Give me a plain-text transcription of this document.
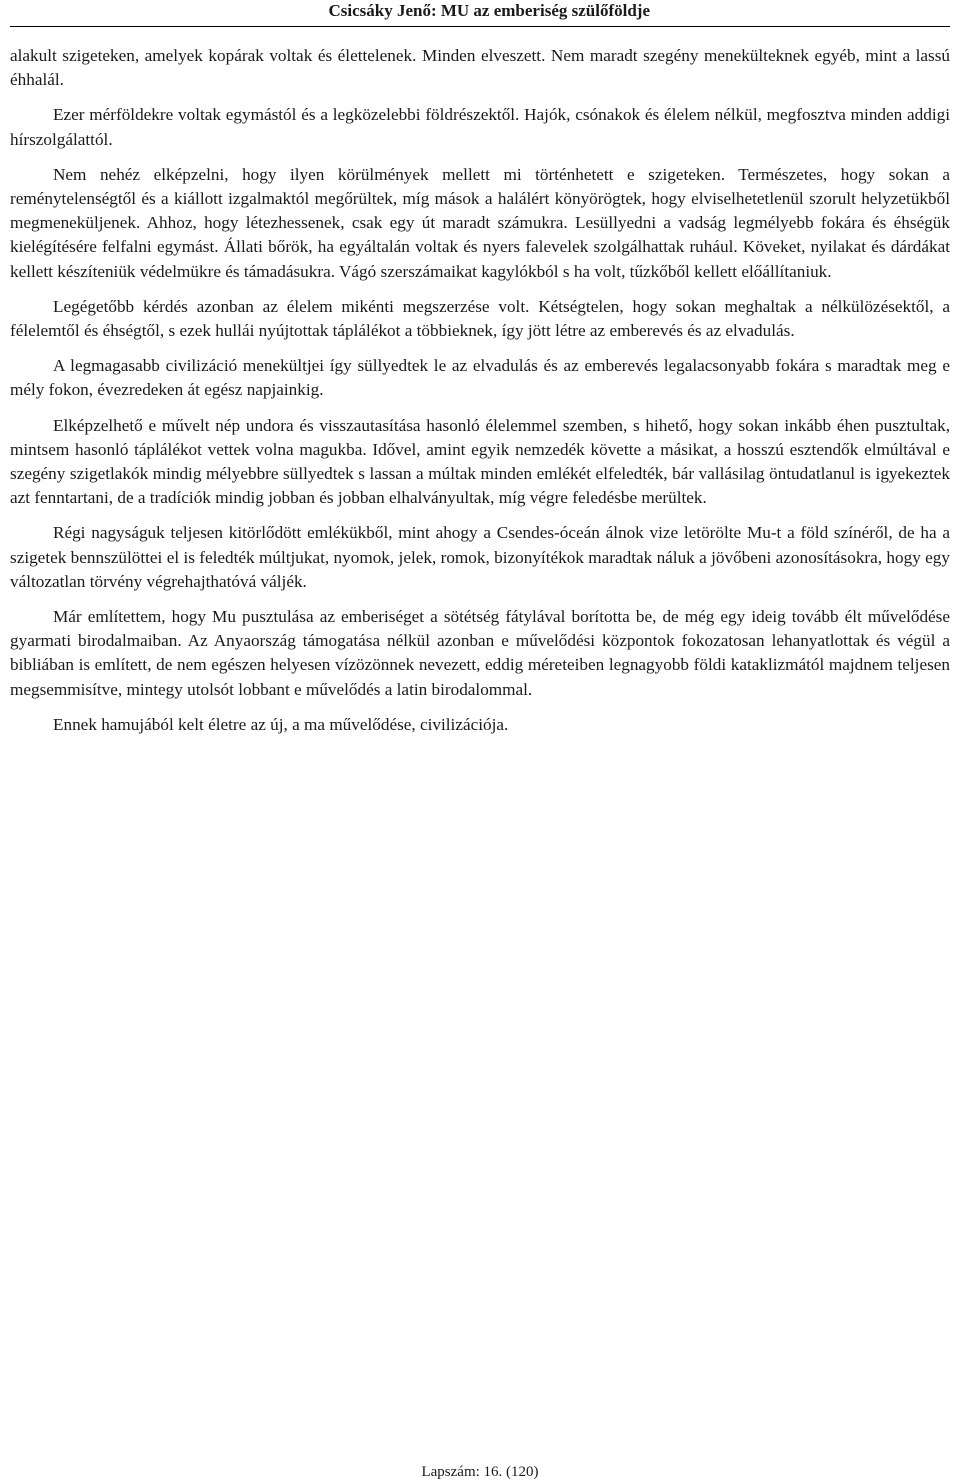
Csicsáky Jenő: MU az emberiség szülőföldje

alakult szigeteken, amelyek kopárak voltak és élettelenek. Minden elveszett. Nem maradt szegény menekülteknek egyéb, mint a lassú éhhalál.

Ezer mérföldekre voltak egymástól és a legközelebbi földrészektől. Hajók, csónakok és élelem nélkül, megfosztva minden addigi hírszolgálattól.

Nem nehéz elképzelni, hogy ilyen körülmények mellett mi történhetett e szigeteken. Természetes, hogy sokan a reménytelenségtől és a kiállott izgalmaktól megőrültek, míg mások a halálért könyörögtek, hogy elviselhetetlenül szorult helyzetükből megmeneküljenek. Ahhoz, hogy létezhessenek, csak egy út maradt számukra. Lesüllyedni a vadság legmélyebb fokára és éhségük kielégítésére felfalni egymást. Állati bőrök, ha egyáltalán voltak és nyers falevelek szolgálhattak ruhául. Köveket, nyilakat és dárdákat kellett készíteniük védelmükre és támadásukra. Vágó szerszámaikat kagylókból s ha volt, tűzkőből kellett előállítaniuk.

Legégetőbb kérdés azonban az élelem mikénti megszerzése volt. Kétségtelen, hogy sokan meghaltak a nélkülözésektől, a félelemtől és éhségtől, s ezek hullái nyújtottak táplálékot a többieknek, így jött létre az emberevés és az elvadulás.

A legmagasabb civilizáció menekültjei így süllyedtek le az elvadulás és az emberevés legalacsonyabb fokára s maradtak meg e mély fokon, évezredeken át egész napjainkig.

Elképzelhető e művelt nép undora és visszautasítása hasonló élelemmel szemben, s hihető, hogy sokan inkább éhen pusztultak, mintsem hasonló táplálékot vettek volna magukba. Idővel, amint egyik nemzedék követte a másikat, a hosszú esztendők elmúltával e szegény szigetlakók mindig mélyebbre süllyedtek s lassan a múltak minden emlékét elfeledték, bár vallásilag öntudatlanul is igyekeztek azt fenntartani, de a tradíciók mindig jobban és jobban elhalványultak, míg végre feledésbe merültek.

Régi nagyságuk teljesen kitörlődött emlékükből, mint ahogy a Csendes-óceán álnok vize letörölte Mu-t a föld színéről, de ha a szigetek bennszülöttei el is feledték múltjukat, nyomok, jelek, romok, bizonyítékok maradtak náluk a jövőbeni azonosításokra, hogy egy változatlan törvény végrehajthatóvá váljék.

Már említettem, hogy Mu pusztulása az emberiséget a sötétség fátylával borította be, de még egy ideig tovább élt művelődése gyarmati birodalmaiban. Az Anyaország támogatása nélkül azonban e művelődési központok fokozatosan lehanyatlottak és végül a bibliában is említett, de nem egészen helyesen vízözönnek nevezett, eddig méreteiben legnagyobb földi kataklizmától majdnem teljesen megsemmisítve, mintegy utolsót lobbant e művelődés a latin birodalommal.

Ennek hamujából kelt életre az új, a ma művelődése, civilizációja.

Lapszám: 16. (120)
